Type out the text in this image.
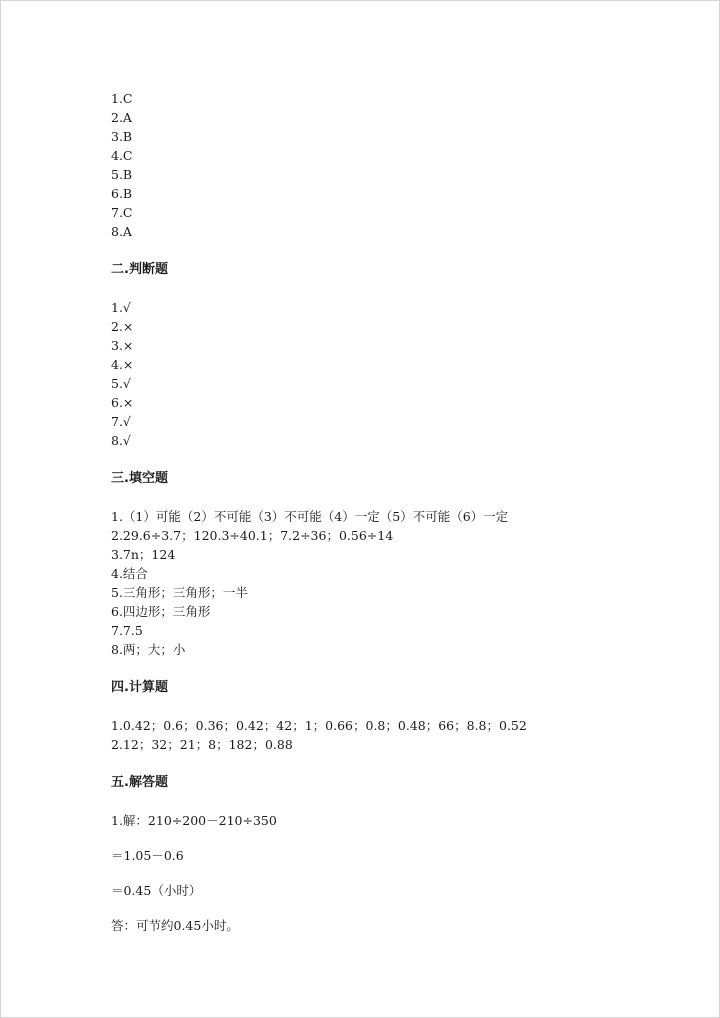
1.C
2.A
3.B
4.C
5.B
6.B
7.C
8.A
二.判断题
1.√
2.×
3.×
4.×
5.√
6.×
7.√
8.√
三.填空题
1.（1）可能（2）不可能（3）不可能（4）一定（5）不可能（6）一定
2.29.6÷3.7；120.3÷40.1；7.2÷36；0.56÷14
3.7n；124
4.结合
5.三角形；三角形；一半
6.四边形；三角形
7.7.5
8.两；大；小
四.计算题
1.0.42；0.6；0.36；0.42；42；1；0.66；0.8；0.48；66；8.8；0.52
2.12；32；21；8；182；0.88
五.解答题
1.解：210÷200－210÷350
＝1.05－0.6
＝0.45（小时）
答：可节约0.45小时。
